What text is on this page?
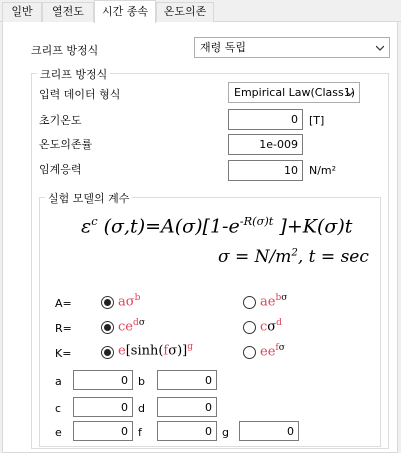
일반	열전도	시간 종속	온도의존
크리프 방정식	재령 독립
크리프 방정식
입력 데이터 형식	Empirical Law(Class1)
초기온도	0	[T]
온도의존률	1e-009
임계응력	10	N/m²
실험 모델의 계수
$\varepsilon^c$ $(\sigma,t)=A(\sigma)[1-e^{-R(\sigma)t}$ ]+K(σ)t
$\sigma = N/m^2$, t = sec
A=	$a\sigma^b$	$ae^{b\sigma}$
R=	$ce^{d\sigma}$	$c\sigma^d$
K=	$e[\sinh(f\sigma)]^g$	$ee^{f\sigma}$
a	0 b	0
c	0 d	0
e	0 f	0 g	0
